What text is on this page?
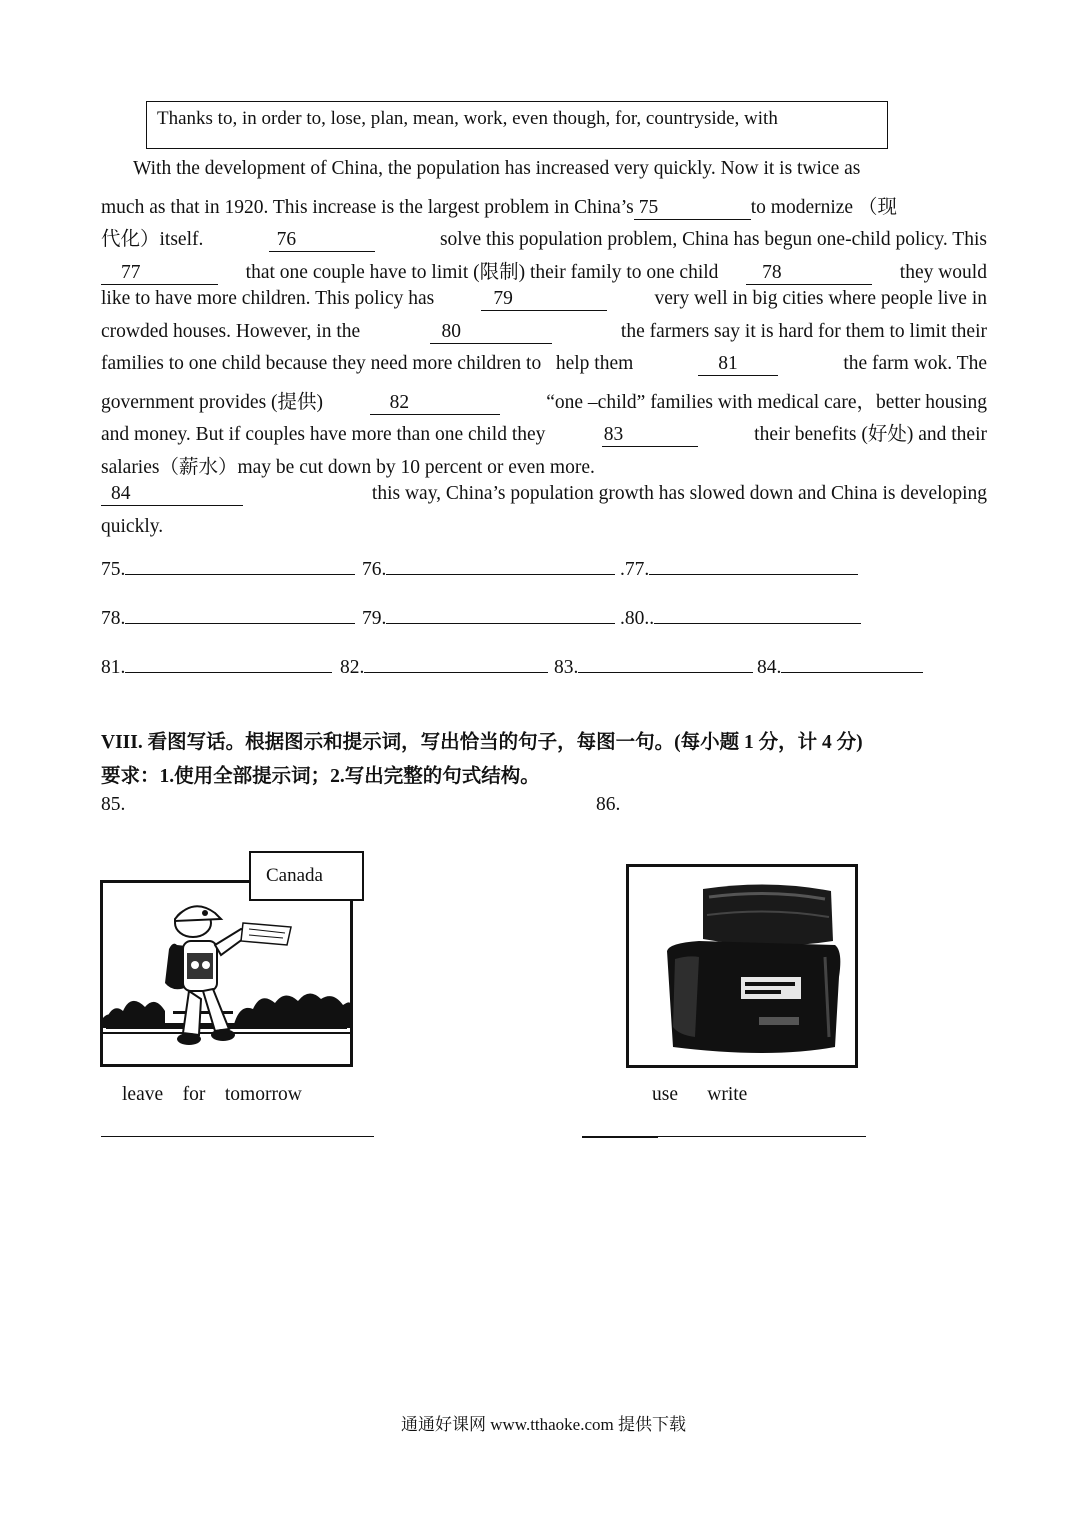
Thanks to, in order to, lose, plan, mean, work, even though, for, countryside, with
With the development of China, the population has increased very quickly. Now it is twice as
much as that in 1920. This increase is the largest problem in China’s 75	to modernize （现
代化）itself.	76	solve this population problem, China has begun one-child policy. This
77	that one couple have to limit (限制) their family to one child	78	they would
like to have more children. This policy has	79	very well in big cities where people live in
crowded houses. However, in the	80	the farmers say it is hard for them to limit their
families to one child because they need more children to   help them	81	the farm wok. The
government provides (提供)	82	“one –child” families with medical care，better housing
and money. But if couples have more than one child they	83	their benefits (好处) and their
salaries（薪水）may be cut down by 10 percent or even more.
84	this way, China’s population growth has slowed down and China is developing
quickly.
75.	76.	.77.
78.	79.	.80..
81.	82.	83.	84.
VIII. 看图写话。根据图示和提示词，写出恰当的句子，每图一句。(每小题 1 分，计 4 分)
要求：1.使用全部提示词；2.写出完整的句式结构。
85.	86.
Canada
leave    for    tomorrow	use      write
通通好课网 www.tthaoke.com 提供下载
